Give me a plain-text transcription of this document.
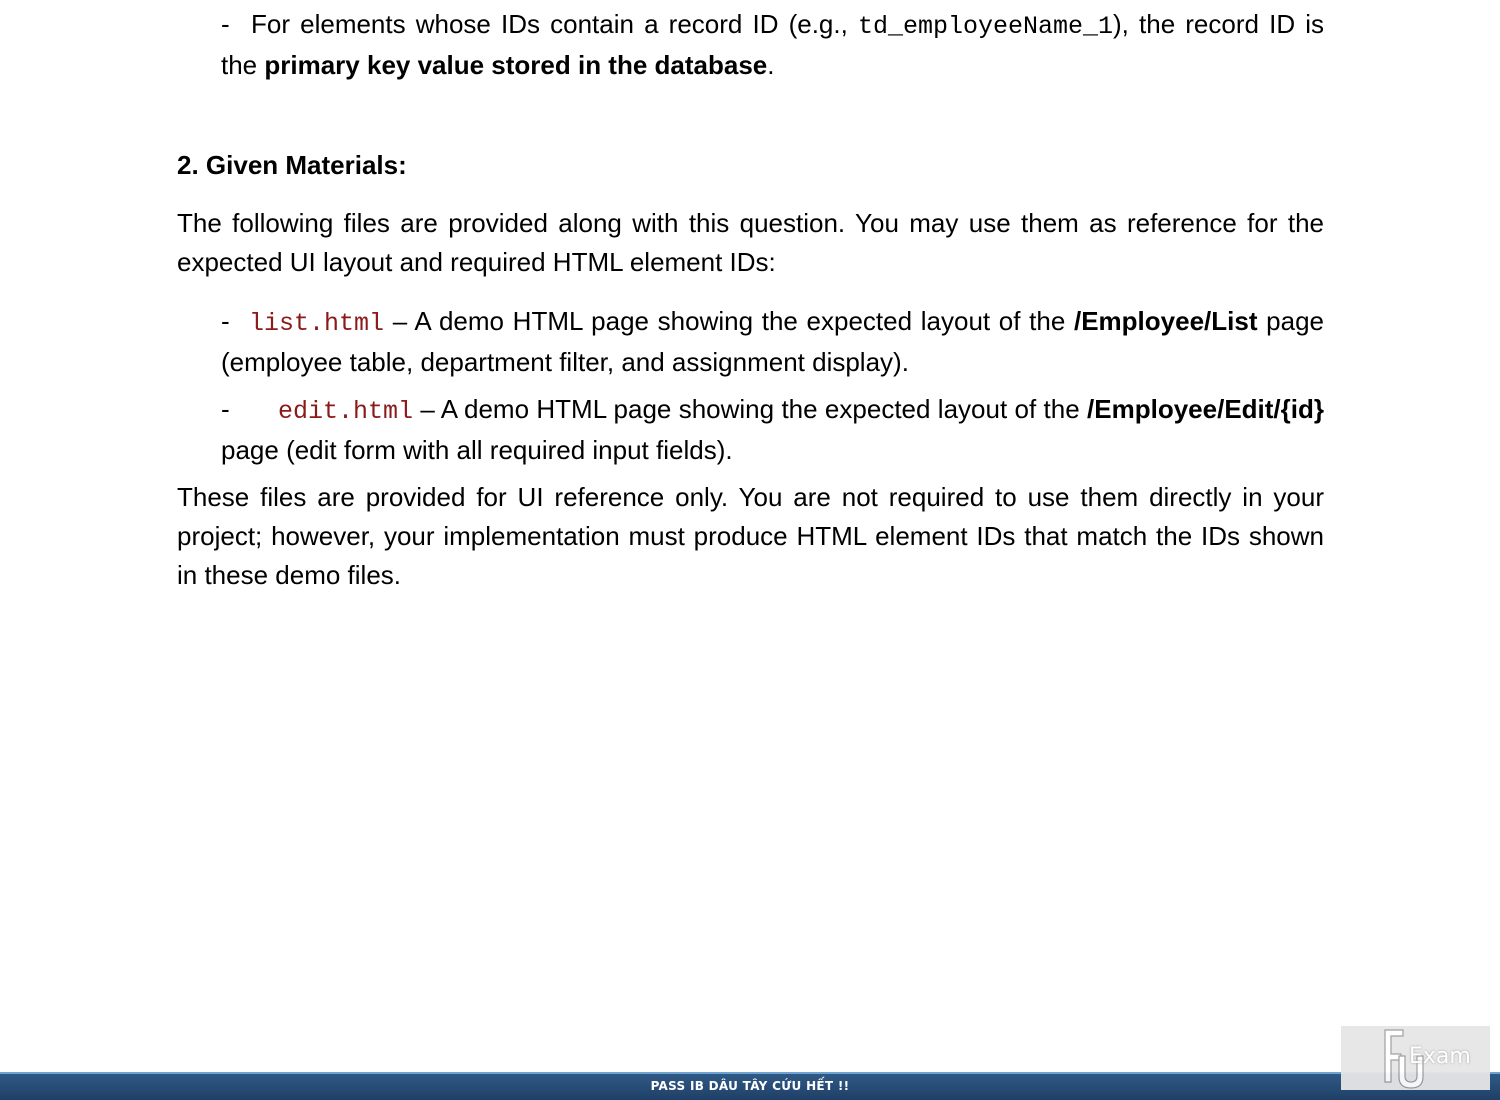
- For elements whose IDs contain a record ID (e.g., td_employeeName_1), the record ID is the primary key value stored in the database.
2. Given Materials:
The following files are provided along with this question. You may use them as reference for the expected UI layout and required HTML element IDs:
- list.html – A demo HTML page showing the expected layout of the /Employee/List page (employee table, department filter, and assignment display).
- edit.html – A demo HTML page showing the expected layout of the /Employee/Edit/{id} page (edit form with all required input fields).
These files are provided for UI reference only. You are not required to use them directly in your project; however, your implementation must produce HTML element IDs that match the IDs shown in these demo files.
PASS IB DÂU TÂY CỨU HẾT !!
Exam
